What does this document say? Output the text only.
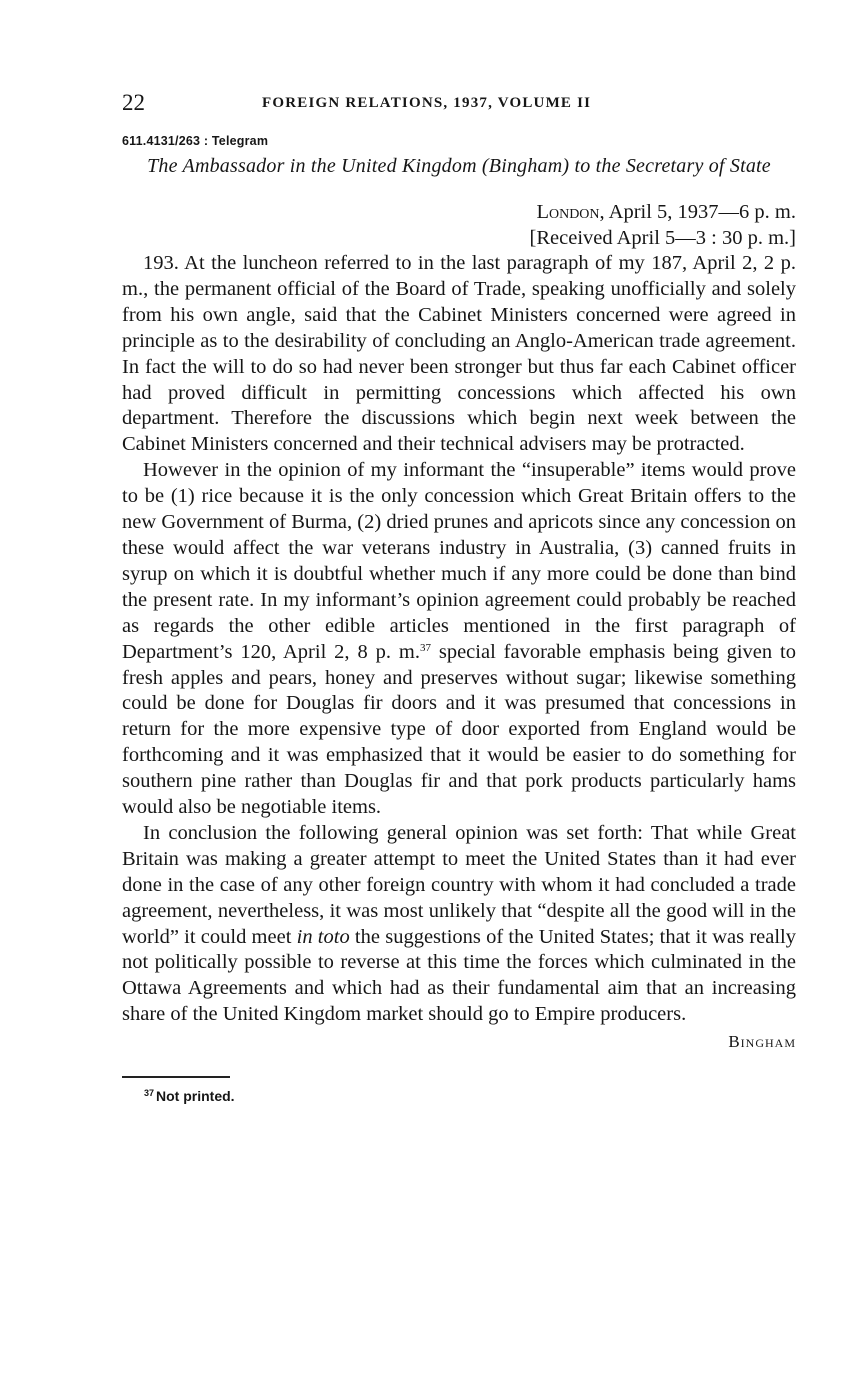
22	FOREIGN RELATIONS, 1937, VOLUME II
611.4131/263 : Telegram
The Ambassador in the United Kingdom (Bingham) to the Secretary of State
London, April 5, 1937—6 p. m.
[Received April 5—3 : 30 p. m.]

193. At the luncheon referred to in the last paragraph of my 187, April 2, 2 p. m., the permanent official of the Board of Trade, speaking unofficially and solely from his own angle, said that the Cabinet Ministers concerned were agreed in principle as to the desirability of concluding an Anglo-American trade agreement. In fact the will to do so had never been stronger but thus far each Cabinet officer had proved difficult in permitting concessions which affected his own department. Therefore the discussions which begin next week between the Cabinet Ministers concerned and their technical advisers may be protracted.

However in the opinion of my informant the “insuperable” items would prove to be (1) rice because it is the only concession which Great Britain offers to the new Government of Burma, (2) dried prunes and apricots since any concession on these would affect the war veterans industry in Australia, (3) canned fruits in syrup on which it is doubtful whether much if any more could be done than bind the present rate. In my informant’s opinion agreement could probably be reached as regards the other edible articles mentioned in the first paragraph of Department’s 120, April 2, 8 p. m.$^{37}$ special favorable emphasis being given to fresh apples and pears, honey and preserves without sugar; likewise something could be done for Douglas fir doors and it was presumed that concessions in return for the more expensive type of door exported from England would be forthcoming and it was emphasized that it would be easier to do something for southern pine rather than Douglas fir and that pork products particularly hams would also be negotiable items.

In conclusion the following general opinion was set forth: That while Great Britain was making a greater attempt to meet the United States than it had ever done in the case of any other foreign country with whom it had concluded a trade agreement, nevertheless, it was most unlikely that “despite all the good will in the world” it could meet in toto the suggestions of the United States; that it was really not politically possible to reverse at this time the forces which culminated in the Ottawa Agreements and which had as their fundamental aim that an increasing share of the United Kingdom market should go to Empire producers.

Bingham
$^{37}$ Not printed.
